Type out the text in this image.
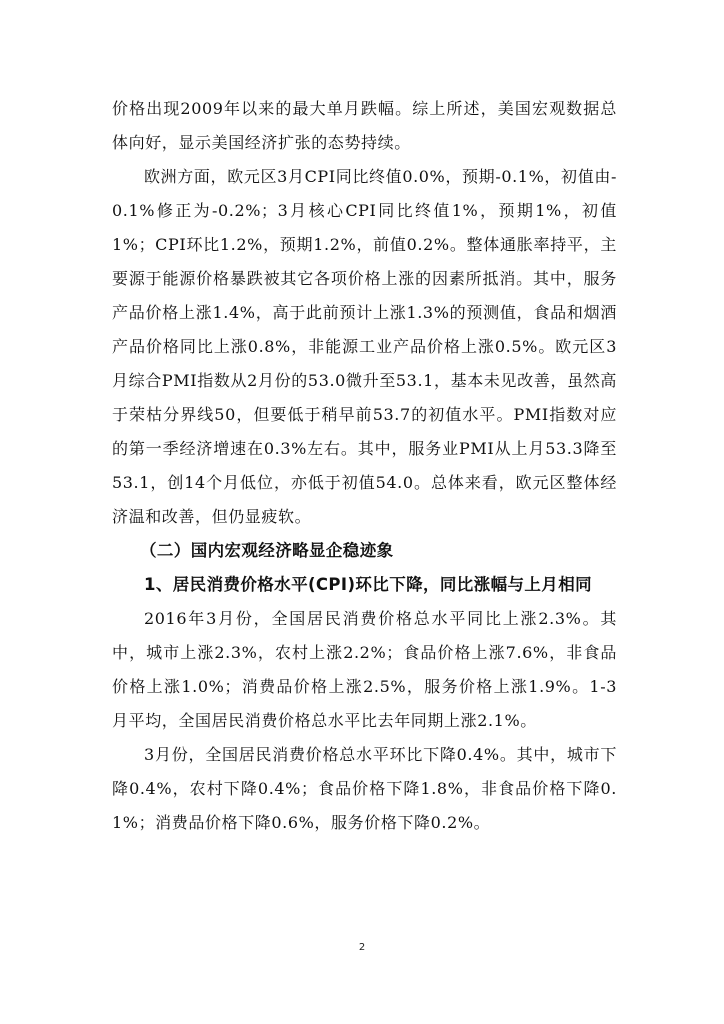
价格出现2009年以来的最大单月跌幅。综上所述，美国宏观数据总体向好，显示美国经济扩张的态势持续。

欧洲方面，欧元区3月CPI同比终值0.0%，预期-0.1%，初值由-0.1%修正为-0.2%；3月核心CPI同比终值1%，预期1%，初值1%；CPI环比1.2%，预期1.2%，前值0.2%。整体通胀率持平，主要源于能源价格暴跌被其它各项价格上涨的因素所抵消。其中，服务产品价格上涨1.4%，高于此前预计上涨1.3%的预测值，食品和烟酒产品价格同比上涨0.8%，非能源工业产品价格上涨0.5%。欧元区3月综合PMI指数从2月份的53.0微升至53.1，基本未见改善，虽然高于荣枯分界线50，但要低于稍早前53.7的初值水平。PMI指数对应的第一季经济增速在0.3%左右。其中，服务业PMI从上月53.3降至53.1，创14个月低位，亦低于初值54.0。总体来看，欧元区整体经济温和改善，但仍显疲软。

（二）国内宏观经济略显企稳迹象

1、居民消费价格水平(CPI)环比下降，同比涨幅与上月相同

2016年3月份，全国居民消费价格总水平同比上涨2.3%。其中，城市上涨2.3%，农村上涨2.2%；食品价格上涨7.6%，非食品价格上涨1.0%；消费品价格上涨2.5%，服务价格上涨1.9%。1-3月平均，全国居民消费价格总水平比去年同期上涨2.1%。

3月份，全国居民消费价格总水平环比下降0.4%。其中，城市下降0.4%，农村下降0.4%；食品价格下降1.8%，非食品价格下降0.1%；消费品价格下降0.6%，服务价格下降0.2%。

2
